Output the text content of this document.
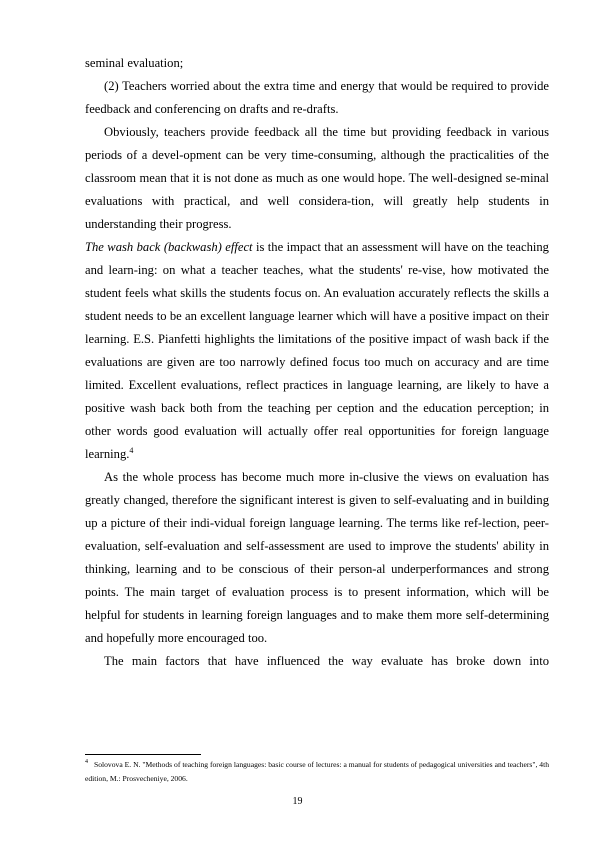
seminal evaluation;

(2) Teachers worried about the extra time and energy that would be required to provide feedback and conferencing on drafts and re-drafts.

Obviously, teachers provide feedback all the time but providing feedback in various periods of a devel-opment can be very time-consuming, although the practicalities of the classroom mean that it is not done as much as one would hope. The well-designed se-minal evaluations with practical, and well considera-tion, will greatly help students in understanding their progress.

The wash back (backwash) effect is the impact that an assessment will have on the teaching and learn-ing: on what a teacher teaches, what the students' re-vise, how motivated the student feels what skills the students focus on. An evaluation accurately reflects the skills a student needs to be an excellent language learner which will have a positive impact on their learning. E.S. Pianfetti highlights the limitations of the positive impact of wash back if the evaluations are given are too narrowly defined focus too much on accuracy and are time limited. Excellent evaluations, reflect practices in language learning, are likely to have a positive wash back both from the teaching per ception and the education perception; in other words good evaluation will actually offer real opportunities for foreign language learning.$^4$

As the whole process has become much more in-clusive the views on evaluation has greatly changed, therefore the significant interest is given to self-evaluating and in building up a picture of their indi-vidual foreign language learning. The terms like ref-lection, peer-evaluation, self-evaluation and self-assessment are used to improve the students' ability in thinking, learning and to be conscious of their person-al underperformances and strong points. The main target of evaluation process is to present information, which will be helpful for students in learning foreign languages and to make them more self-determining and hopefully more encouraged too.

The main factors that have influenced the way evaluate has broke down into

$^4$ Solovova E. N. "Methods of teaching foreign languages: basic course of lectures: a manual for students of pedagogical universities and teachers", 4th edition, M.: Prosvecheniye, 2006.
19
